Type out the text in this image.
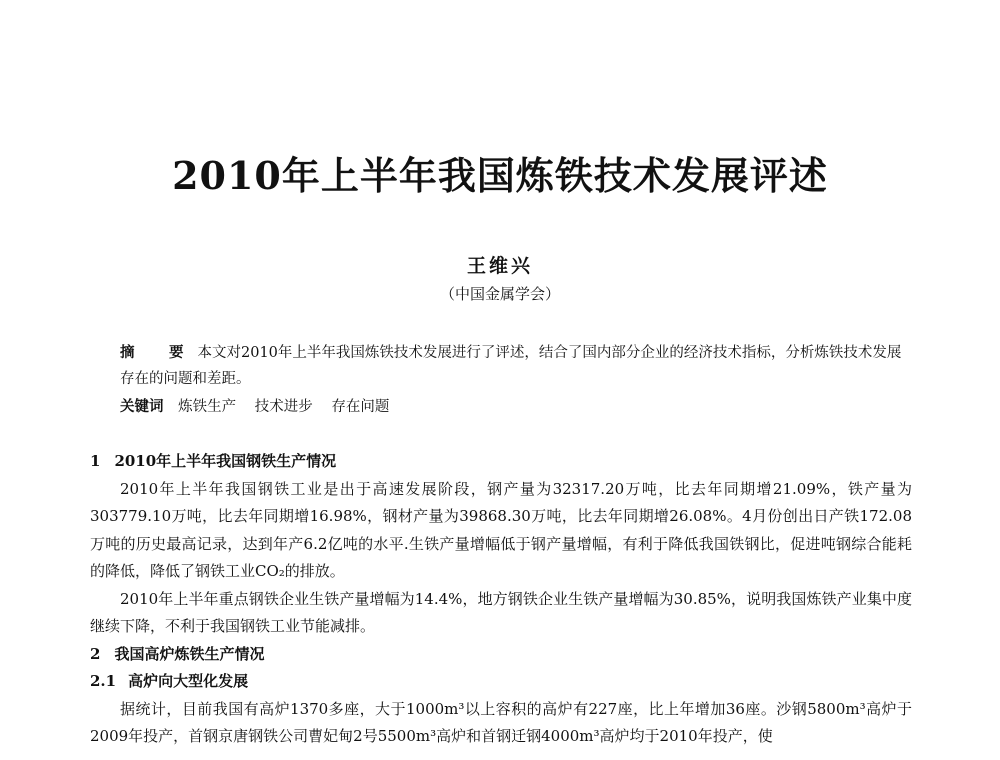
2010年上半年我国炼铁技术发展评述
王维兴
（中国金属学会）
摘　要 本文对2010年上半年我国炼铁技术发展进行了评述，结合了国内部分企业的经济技术指标，分析炼铁技术发展存在的问题和差距。
关键词 炼铁生产 技术进步 存在问题

1 2010年上半年我国钢铁生产情况

2010年上半年我国钢铁工业是出于高速发展阶段，钢产量为32317.20万吨，比去年同期增21.09%，铁产量为303779.10万吨，比去年同期增16.98%，钢材产量为39868.30万吨，比去年同期增26.08%。4月份创出日产铁172.08万吨的历史最高记录，达到年产6.2亿吨的水平.生铁产量增幅低于钢产量增幅，有利于降低我国铁钢比，促进吨钢综合能耗的降低，降低了钢铁工业CO₂的排放。

2010年上半年重点钢铁企业生铁产量增幅为14.4%，地方钢铁企业生铁产量增幅为30.85%，说明我国炼铁产业集中度继续下降，不利于我国钢铁工业节能减排。

2 我国高炉炼铁生产情况

2.1 高炉向大型化发展

据统计，目前我国有高炉1370多座，大于1000m³以上容积的高炉有227座，比上年增加36座。沙钢5800m³高炉于2009年投产，首钢京唐钢铁公司曹妃甸2号5500m³高炉和首钢迁钢4000m³高炉均于2010年投产，使
